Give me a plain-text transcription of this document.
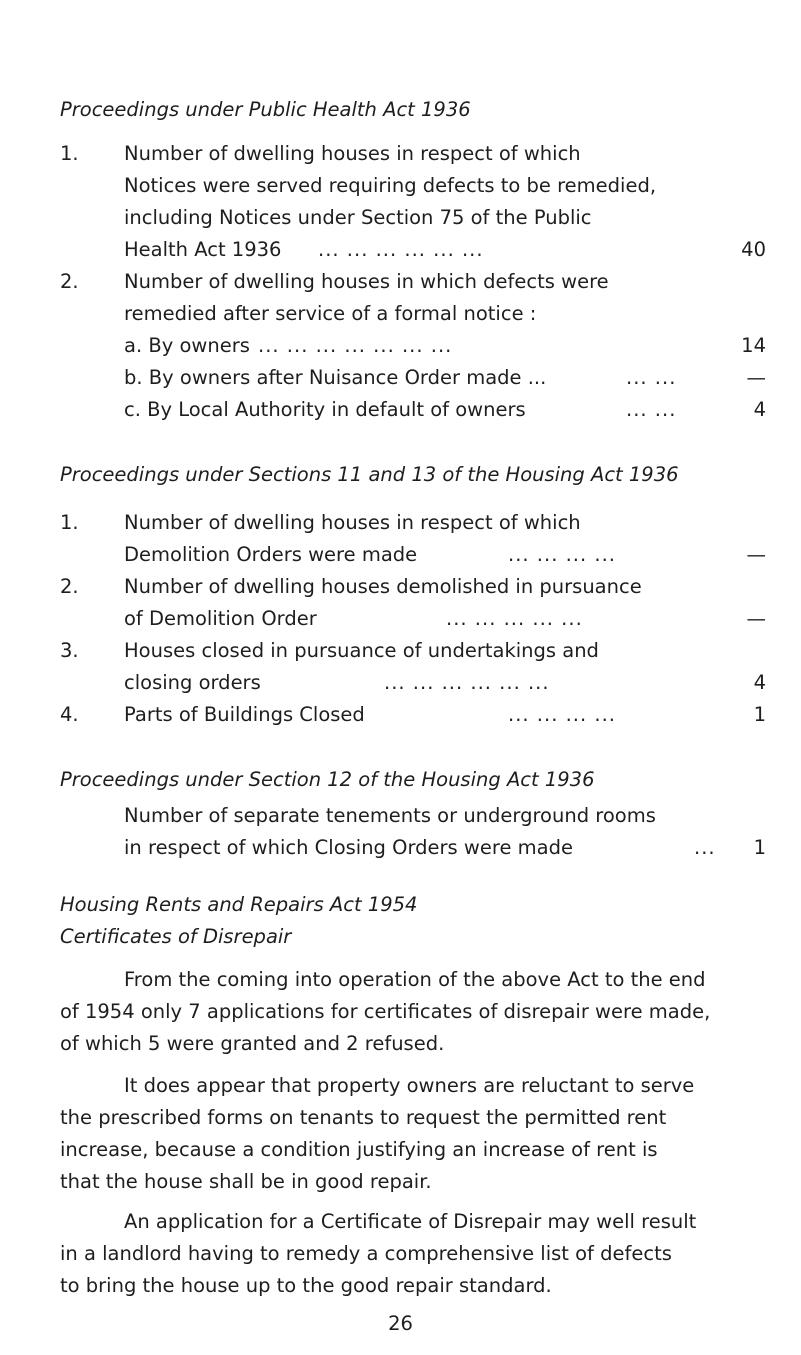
Proceedings under Public Health Act 1936
1. Number of dwelling houses in respect of which
Notices were served requiring defects to be remedied,
including Notices under Section 75 of the Public
Health Act 1936 ... ... ... ... ... ...	40
2. Number of dwelling houses in which defects were
remedied after service of a formal notice :
a. By owners ... ... ... ... ... ... ...	14
b. By owners after Nuisance Order made ...	... ...	—
c. By Local Authority in default of owners	... ...	4
Proceedings under Sections 11 and 13 of the Housing Act 1936
1. Number of dwelling houses in respect of which
Demolition Orders were made	... ... ... ...	—
2. Number of dwelling houses demolished in pursuance
of Demolition Order	... ... ... ... ...	—
3. Houses closed in pursuance of undertakings and
closing orders	... ... ... ... ... ...	4
4. Parts of Buildings Closed	... ... ... ...	1
Proceedings under Section 12 of the Housing Act 1936
Number of separate tenements or underground rooms
in respect of which Closing Orders were made	...	1
Housing Rents and Repairs Act 1954
Certificates of Disrepair
From the coming into operation of the above Act to the end
of 1954 only 7 applications for certificates of disrepair were made,
of which 5 were granted and 2 refused.
It does appear that property owners are reluctant to serve
the prescribed forms on tenants to request the permitted rent
increase, because a condition justifying an increase of rent is
that the house shall be in good repair.
An application for a Certificate of Disrepair may well result
in a landlord having to remedy a comprehensive list of defects
to bring the house up to the good repair standard.
26
